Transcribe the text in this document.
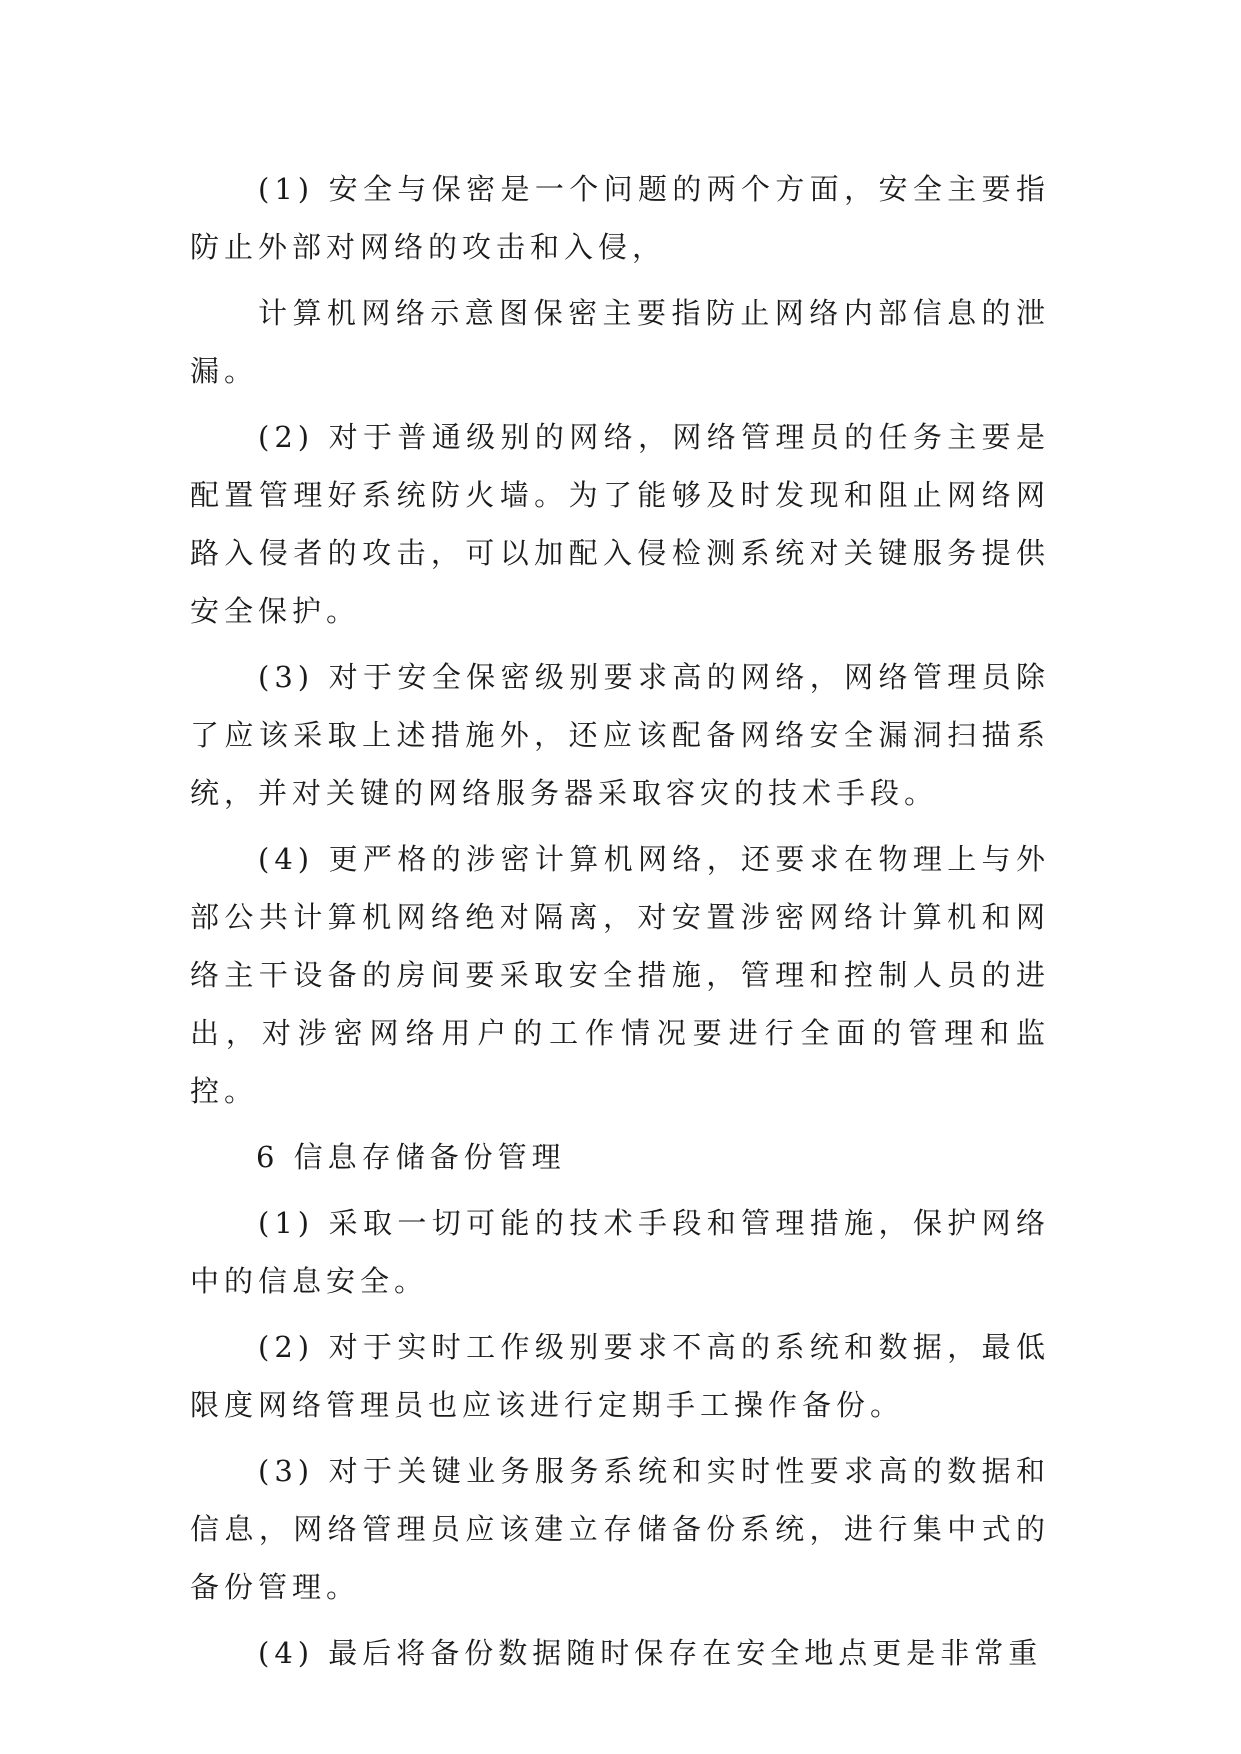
(1) 安全与保密是一个问题的两个方面，安全主要指防止外部对网络的攻击和入侵，

计算机网络示意图保密主要指防止网络内部信息的泄漏。

(2) 对于普通级别的网络，网络管理员的任务主要是配置管理好系统防火墙。为了能够及时发现和阻止网络网路入侵者的攻击，可以加配入侵检测系统对关键服务提供安全保护。

(3) 对于安全保密级别要求高的网络，网络管理员除了应该采取上述措施外，还应该配备网络安全漏洞扫描系统，并对关键的网络服务器采取容灾的技术手段。

(4) 更严格的涉密计算机网络，还要求在物理上与外部公共计算机网络绝对隔离，对安置涉密网络计算机和网络主干设备的房间要采取安全措施，管理和控制人员的进出，对涉密网络用户的工作情况要进行全面的管理和监控。

6 信息存储备份管理

(1) 采取一切可能的技术手段和管理措施，保护网络中的信息安全。

(2) 对于实时工作级别要求不高的系统和数据，最低限度网络管理员也应该进行定期手工操作备份。

(3) 对于关键业务服务系统和实时性要求高的数据和信息，网络管理员应该建立存储备份系统，进行集中式的备份管理。

(4) 最后将备份数据随时保存在安全地点更是非常重
